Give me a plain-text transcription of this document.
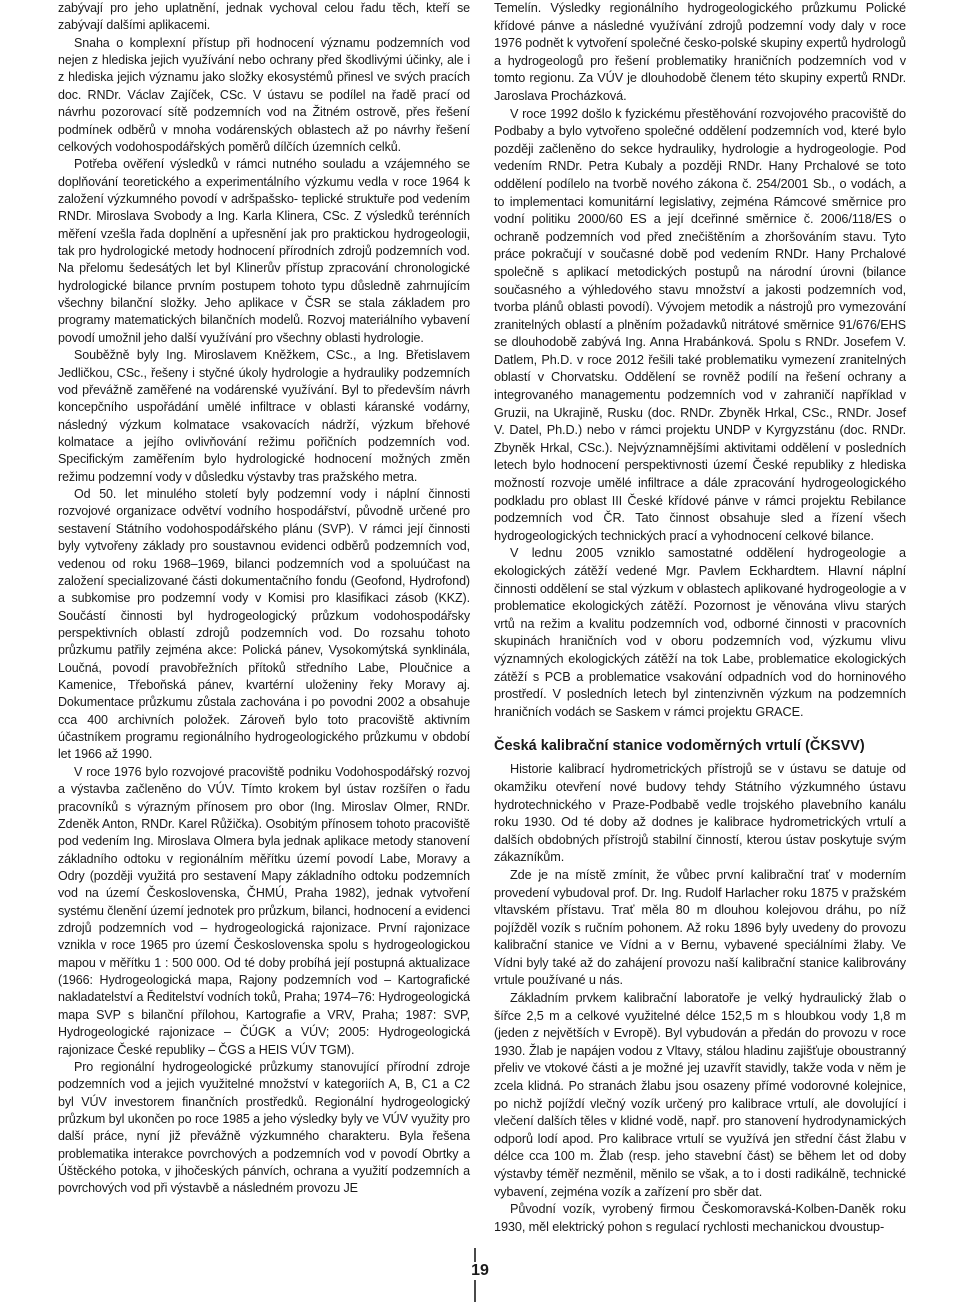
zabývají pro jeho uplatnění, jednak vychoval celou řadu těch, kteří se zabývají dalšími aplikacemi.

Snaha o komplexní přístup při hodnocení významu podzemních vod nejen z hlediska jejich využívání nebo ochrany před škodlivými účinky, ale i z hlediska jejich významu jako složky ekosystémů přinesl ve svých pracích doc. RNDr. Václav Zajíček, CSc. V ústavu se podílel na řadě prací od návrhu pozorovací sítě podzemních vod na Žitném ostrově, přes řešení podmínek odběrů v mnoha vodárenských oblastech až po návrhy řešení celkových vodohospodářských poměrů dílčích územních celků.

Potřeba ověření výsledků v rámci nutného souladu a vzájemného se doplňování teoretického a experimentálního výzkumu vedla v roce 1964 k založení výzkumného povodí v adršpašsko- teplické struktuře pod vedením RNDr. Miroslava Svobody a Ing. Karla Klinera, CSc. Z výsledků terénních měření vzešla řada doplnění a upřesnění jak pro praktickou hydrogeologii, tak pro hydrologické metody hodnocení přírodních zdrojů podzemních vod. Na přelomu šedesátých let byl Klinerův přístup zpracování chronologické hydrologické bilance prvním postupem tohoto typu důsledně zahrnujícím všechny bilanční složky. Jeho aplikace v ČSR se stala základem pro programy matematických bilančních modelů. Rozvoj materiálního vybavení povodí umožnil jeho další využívání pro všechny oblasti hydrologie.

Souběžně byly Ing. Miroslavem Kněžkem, CSc., a Ing. Břetislavem Jedličkou, CSc., řešeny i styčné úkoly hydrologie a hydrauliky podzemních vod převážně zaměřené na vodárenské využívání. Byl to především návrh koncepčního uspořádání umělé infiltrace v oblasti káranské vodárny, následný výzkum kolmatace vsakovacích nádrží, výzkum břehové kolmatace a jejího ovlivňování režimu pořičních podzemních vod. Specifickým zaměřením bylo hydrologické hodnocení možných změn režimu podzemní vody v důsledku výstavby tras pražského metra.

Od 50. let minulého století byly podzemní vody i náplní činnosti rozvojové organizace odvětví vodního hospodářství, původně určené pro sestavení Státního vodohospodářského plánu (SVP). V rámci její činnosti byly vytvořeny základy pro soustavnou evidenci odběrů podzemních vod, vedenou od roku 1968–1969, bilanci podzemních vod a spoluúčast na založení specializované části dokumentačního fondu (Geofond, Hydrofond) a subkomise pro podzemní vody v Komisi pro klasifikaci zásob (KKZ). Součástí činnosti byl hydrogeologický průzkum vodohospodářsky perspektivních oblastí zdrojů podzemních vod. Do rozsahu tohoto průzkumu patřily zejména akce: Polická pánev, Vysokomýtská synklinála, Loučná, povodí pravobřežních přítoků středního Labe, Ploučnice a Kamenice, Třeboňská pánev, kvartérní uloženiny řeky Moravy aj. Dokumentace průzkumu zůstala zachována i po povodni 2002 a obsahuje cca 400 archivních položek. Zároveň bylo toto pracoviště aktivním účastníkem programu regionálního hydrogeologického průzkumu v období let 1966 až 1990.

V roce 1976 bylo rozvojové pracoviště podniku Vodohospodářský rozvoj a výstavba začleněno do VÚV. Tímto krokem byl ústav rozšířen o řadu pracovníků s výrazným přínosem pro obor (Ing. Miroslav Olmer, RNDr. Zdeněk Anton, RNDr. Karel Růžička). Osobitým přínosem tohoto pracoviště pod vedením Ing. Miroslava Olmera byla jednak aplikace metody stanovení základního odtoku v regionálním měřítku území povodí Labe, Moravy a Odry (později využitá pro sestavení Mapy základního odtoku podzemních vod na území Československa, ČHMÚ, Praha 1982), jednak vytvoření systému členění území jednotek pro průzkum, bilanci, hodnocení a evidenci zdrojů podzemních vod – hydrogeologická rajonizace. První rajonizace vznikla v roce 1965 pro území Československa spolu s hydrogeologickou mapou v měřítku 1 : 500 000. Od té doby probíhá její postupná aktualizace (1966: Hydrogeologická mapa, Rajony podzemních vod – Kartografické nakladatelství a Ředitelství vodních toků, Praha; 1974–76: Hydrogeologická mapa SVP s bilanční přílohou, Kartografie a VRV, Praha; 1987: SVP, Hydrogeologické rajonizace – ČÚGK a VÚV; 2005: Hydrogeologická rajonizace České republiky – ČGS a HEIS VÚV TGM).

Pro regionální hydrogeologické průzkumy stanovující přírodní zdroje podzemních vod a jejich využitelné množství v kategoriích A, B, C1 a C2 byl VÚV investorem finančních prostředků. Regionální hydrogeologický průzkum byl ukončen po roce 1985 a jeho výsledky byly ve VÚV využity pro další práce, nyní již převážně výzkumného charakteru. Byla řešena problematika interakce povrchových a podzemních vod v povodí Obrtky a Úštěckého potoka, v jihočeských pánvích, ochrana a využití podzemních a povrchových vod při výstavbě a následném provozu JE

Temelín. Výsledky regionálního hydrogeologického průzkumu Polické křídové pánve a následné využívání zdrojů podzemní vody daly v roce 1976 podnět k vytvoření společné česko-polské skupiny expertů hydrologů a hydrogeologů pro řešení problematiky hraničních podzemních vod v tomto regionu. Za VÚV je dlouhodobě členem této skupiny expertů RNDr. Jaroslava Procházková.

V roce 1992 došlo k fyzickému přestěhování rozvojového pracoviště do Podbaby a bylo vytvořeno společné oddělení podzemních vod, které bylo později začleněno do sekce hydrauliky, hydrologie a hydrogeologie. Pod vedením RNDr. Petra Kubaly a později RNDr. Hany Prchalové se toto oddělení podílelo na tvorbě nového zákona č. 254/2001 Sb., o vodách, a to implementaci komunitární legislativy, zejména Rámcové směrnice pro vodní politiku 2000/60 ES a její dceřinné směrnice č. 2006/118/ES o ochraně podzemních vod před znečištěním a zhoršováním stavu. Tyto práce pokračují v současné době pod vedením RNDr. Hany Prchalové společně s aplikací metodických postupů na národní úrovni (bilance současného a výhledového stavu množství a jakosti podzemních vod, tvorba plánů oblasti povodí). Vývojem metodik a nástrojů pro vymezování zranitelných oblastí a plněním požadavků nitrátové směrnice 91/676/EHS se dlouhodobě zabývá Ing. Anna Hrabánková. Spolu s RNDr. Josefem V. Datlem, Ph.D. v roce 2012 řešili také problematiku vymezení zranitelných oblastí v Chorvatsku. Oddělení se rovněž podílí na řešení ochrany a integrovaného managementu podzemních vod v zahraničí například v Gruzii, na Ukrajině, Rusku (doc. RNDr. Zbyněk Hrkal, CSc., RNDr. Josef V. Datel, Ph.D.) nebo v rámci projektu UNDP v Kyrgyzstánu (doc. RNDr. Zbyněk Hrkal, CSc.). Nejvýznamnějšími aktivitami oddělení v posledních letech bylo hodnocení perspektivnosti území České republiky z hlediska možností rozvoje umělé infiltrace a dále zpracování hydrogeologického podkladu pro oblast III České křídové pánve v rámci projektu Rebilance podzemních vod ČR. Tato činnost obsahuje sled a řízení všech hydrogeologických technických prací a vyhodnocení celkové bilance.

V lednu 2005 vzniklo samostatné oddělení hydrogeologie a ekologických zátěží vedené Mgr. Pavlem Eckhardtem. Hlavní náplní činnosti oddělení se stal výzkum v oblastech aplikované hydrogeologie a v problematice ekologických zátěží. Pozornost je věnována vlivu starých vrtů na režim a kvalitu podzemních vod, odborné činnosti v pracovních skupinách hraničních vod v oboru podzemních vod, výzkumu vlivu významných ekologických zátěží na tok Labe, problematice ekologických zátěží s PCB a problematice vsakování odpadních vod do horninového prostředí. V posledních letech byl zintenzivněn výzkum na podzemních hraničních vodách se Saskem v rámci projektu GRACE.

Česká kalibrační stanice vodoměrných vrtulí (ČKSVV)

Historie kalibrací hydrometrických přístrojů se v ústavu se datuje od okamžiku otevření nové budovy tehdy Státního výzkumného ústavu hydrotechnického v Praze-Podbabě vedle trojského plavebního kanálu roku 1930. Od té doby až dodnes je kalibrace hydrometrických vrtulí a dalších obdobných přístrojů stabilní činností, kterou ústav poskytuje svým zákazníkům.

Zde je na místě zmínit, že vůbec první kalibrační trať v moderním provedení vybudoval prof. Dr. Ing. Rudolf Harlacher roku 1875 v pražském vltavském přístavu. Trať měla 80 m dlouhou kolejovou dráhu, po níž pojížděl vozík s ručním pohonem. Až roku 1896 byly uvedeny do provozu kalibrační stanice ve Vídni a v Bernu, vybavené speciálními žlaby. Ve Vídni byly také až do zahájení provozu naší kalibrační stanice kalibrovány vrtule používané u nás.

Základním prvkem kalibrační laboratoře je velký hydraulický žlab o šířce 2,5 m a celkové využitelné délce 152,5 m s hloubkou vody 1,8 m (jeden z největších v Evropě). Byl vybudován a předán do provozu v roce 1930. Žlab je napájen vodou z Vltavy, stálou hladinu zajišťuje oboustranný přeliv ve vtokové části a je možné jej uzavřít stavidly, takže voda v něm je zcela klidná. Po stranách žlabu jsou osazeny přímé vodorovné kolejnice, po nichž pojíždí vlečný vozík určený pro kalibrace vrtulí, ale dovolující i vlečení dalších těles v klidné vodě, např. pro stanovení hydrodynamických odporů lodí apod. Pro kalibrace vrtulí se využívá jen střední část žlabu v délce cca 100 m. Žlab (resp. jeho stavební část) se během let od doby výstavby téměř nezměnil, měnilo se však, a to i dosti radikálně, technické vybavení, zejména vozík a zařízení pro sběr dat.

Původní vozík, vyrobený firmou Českomoravská-Kolben-Daněk roku 1930, měl elektrický pohon s regulací rychlosti mechanickou dvoustup-

19
